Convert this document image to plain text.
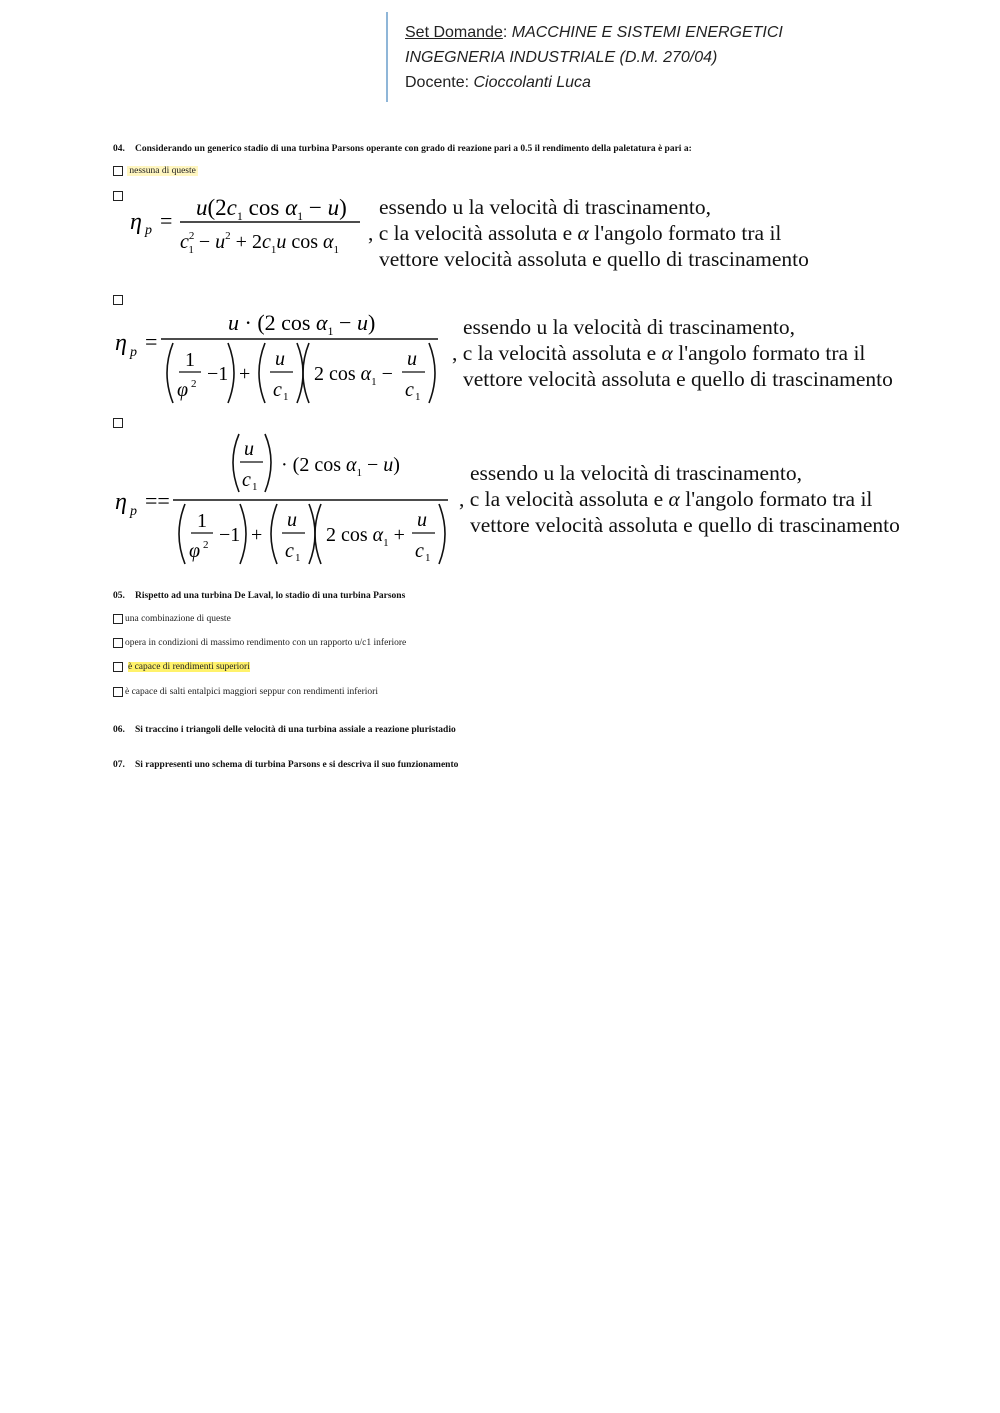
Set Domande: MACCHINE E SISTEMI ENERGETICI
INGEGNERIA INDUSTRIALE (D.M. 270/04)
Docente: Cioccolanti Luca
04. Considerando un generico stadio di una turbina Parsons operante con grado di reazione pari a 0.5 il rendimento della paletatura è pari a:
nessuna di queste
η p =
$u(2c_1$ $\cos \alpha_1 - u$)
$c^2$ $1 - u^2 + 2c_1u$ $\cos \alpha_1$
essendo u la velocità di trascinamento,
, c la velocità assoluta e α l'angolo formato tra il
vettore velocità assoluta e quello di trascinamento
η p =
u · (2 $\cos \alpha_1 - u$)
1
φ 2 −1 +
u
c 1
2 $\cos \alpha_1$ −
u
c 1
essendo u la velocità di trascinamento,
, c la velocità assoluta e α l'angolo formato tra il
vettore velocità assoluta e quello di trascinamento
η p ==
u
c 1
· (2 $\cos \alpha_1 - u$)
1
φ 2 −1 +
u
c 1
2 $\cos \alpha_1$ +
u
c 1
essendo u la velocità di trascinamento,
, c la velocità assoluta e α l'angolo formato tra il
vettore velocità assoluta e quello di trascinamento
05. Rispetto ad una turbina De Laval, lo stadio di una turbina Parsons
una combinazione di queste
opera in condizioni di massimo rendimento con un rapporto u/c1 inferiore
è capace di rendimenti superiori
è capace di salti entalpici maggiori seppur con rendimenti inferiori
06. Si traccino i triangoli delle velocità di una turbina assiale a reazione pluristadio
07. Si rappresenti uno schema di turbina Parsons e si descriva il suo funzionamento
